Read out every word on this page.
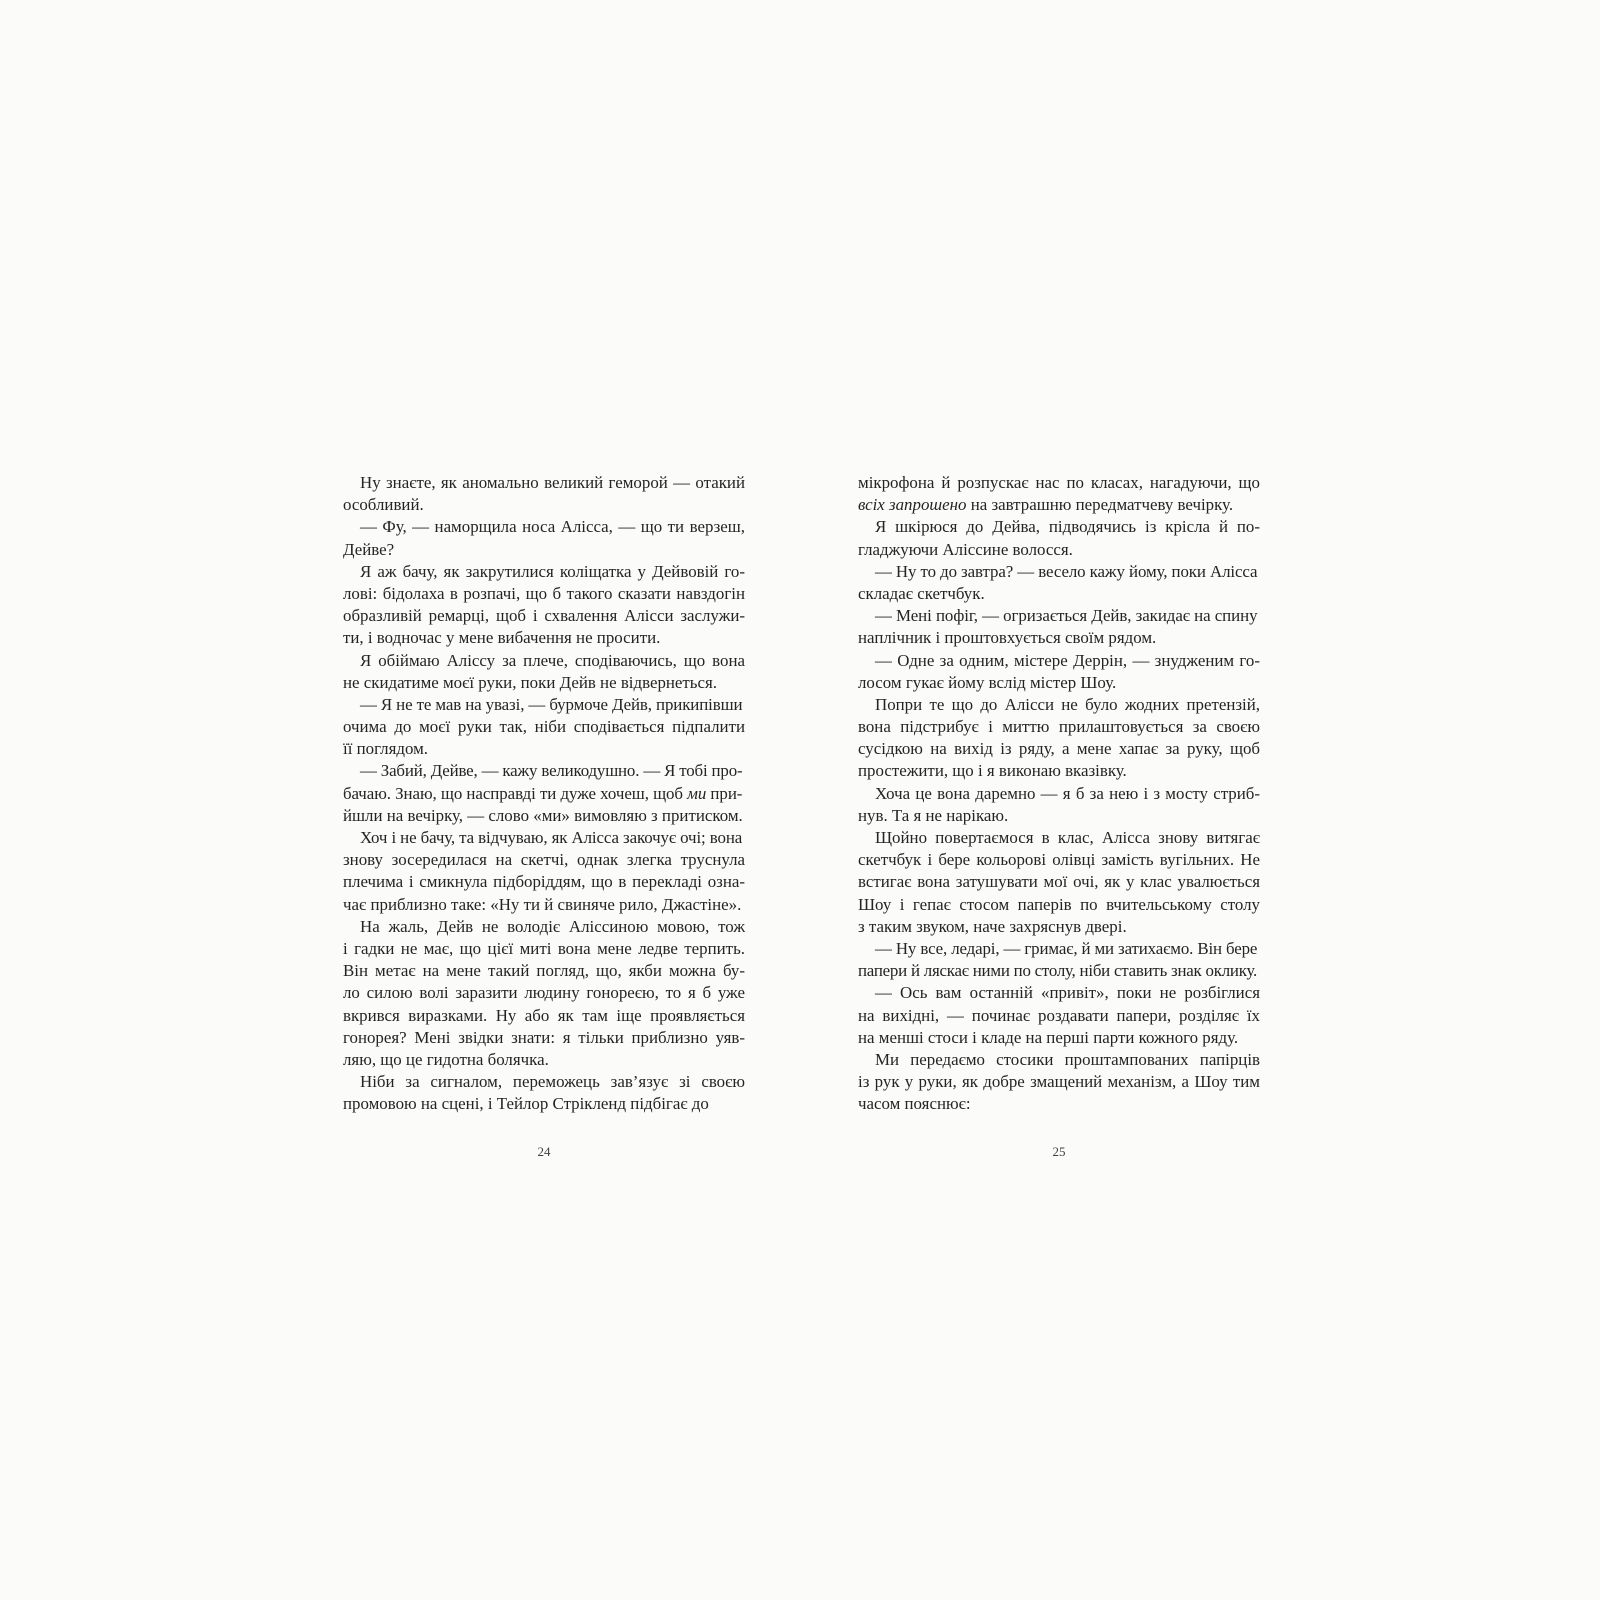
Ну знаєте, як аномально великий геморой — отакий
особливий.
— Фу, — наморщила носа Алісса, — що ти верзеш,
Дейве?
Я аж бачу, як закрутилися коліщатка у Дейвовій го-
лові: бідолаха в розпачі, що б такого сказати навздогін
образливій ремарці, щоб і схвалення Алісси заслужи-
ти, і водночас у мене вибачення не просити.
Я обіймаю Аліссу за плече, сподіваючись, що вона
не скидатиме моєї руки, поки Дейв не відвернеться.
— Я не те мав на увазі, — бурмоче Дейв, прикипівши
очима до моєї руки так, ніби сподівається підпалити
її поглядом.
— Забий, Дейве, — кажу великодушно. — Я тобі про-
бачаю. Знаю, що насправді ти дуже хочеш, щоб ми при-
йшли на вечірку, — слово «ми» вимовляю з притиском.
Хоч і не бачу, та відчуваю, як Алісса закочує очі; вона
знову зосередилася на скетчі, однак злегка труснула
плечима і смикнула підборіддям, що в перекладі озна-
чає приблизно таке: «Ну ти й свиняче рило, Джастіне».
На жаль, Дейв не володіє Аліссиною мовою, тож
і гадки не має, що цієї миті вона мене ледве терпить.
Він метає на мене такий погляд, що, якби можна бу-
ло силою волі заразити людину гонореєю, то я б уже
вкрився виразками. Ну або як там іще проявляється
гонорея? Мені звідки знати: я тільки приблизно уяв-
ляю, що це гидотна болячка.
Ніби за сигналом, переможець зав’язує зі своєю
промовою на сцені, і Тейлор Стрікленд підбігає до
24
мікрофона й розпускає нас по класах, нагадуючи, що
всіх запрошено на завтрашню передматчеву вечірку.
Я шкірюся до Дейва, підводячись із крісла й по-
гладжуючи Аліссине волосся.
— Ну то до завтра? — весело кажу йому, поки Алісса
складає скетчбук.
— Мені пофіг, — огризається Дейв, закидає на спину
наплічник і проштовхується своїм рядом.
— Одне за одним, містере Деррін, — знудженим го-
лосом гукає йому вслід містер Шоу.
Попри те що до Алісси не було жодних претензій,
вона підстрибує і миттю прилаштовується за своєю
сусідкою на вихід із ряду, а мене хапає за руку, щоб
простежити, що і я виконаю вказівку.
Хоча це вона даремно — я б за нею і з мосту стриб-
нув. Та я не нарікаю.
Щойно повертаємося в клас, Алісса знову витягає
скетчбук і бере кольорові олівці замість вугільних. Не
встигає вона затушувати мої очі, як у клас увалюється
Шоу і гепає стосом паперів по вчительському столу
з таким звуком, наче захряснув двері.
— Ну все, ледарі, — гримає, й ми затихаємо. Він бере
папери й ляскає ними по столу, ніби ставить знак оклику.
— Ось вам останній «привіт», поки не розбіглися
на вихідні, — починає роздавати папери, розділяє їх
на менші стоси і кладе на перші парти кожного ряду.
Ми передаємо стосики проштампованих папірців
із рук у руки, як добре змащений механізм, а Шоу тим
часом пояснює:
25
